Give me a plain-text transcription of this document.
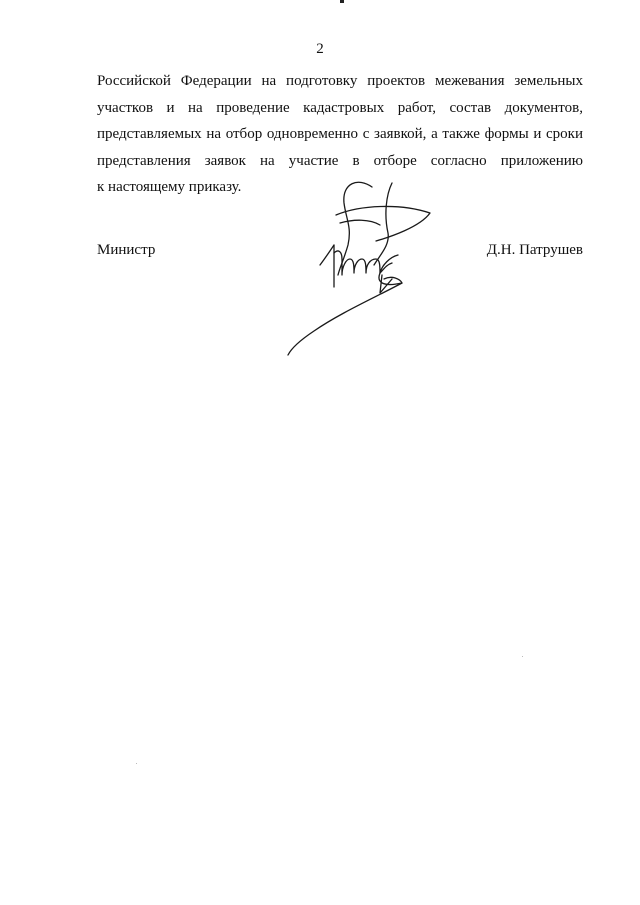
2
Российской Федерации на подготовку проектов межевания земельных
участков и на проведение кадастровых работ, состав документов,
представляемых на отбор одновременно с заявкой, а также формы и сроки
представления заявок на участие в отборе согласно приложению
к настоящему приказу.
Министр	Д.Н. Патрушев
